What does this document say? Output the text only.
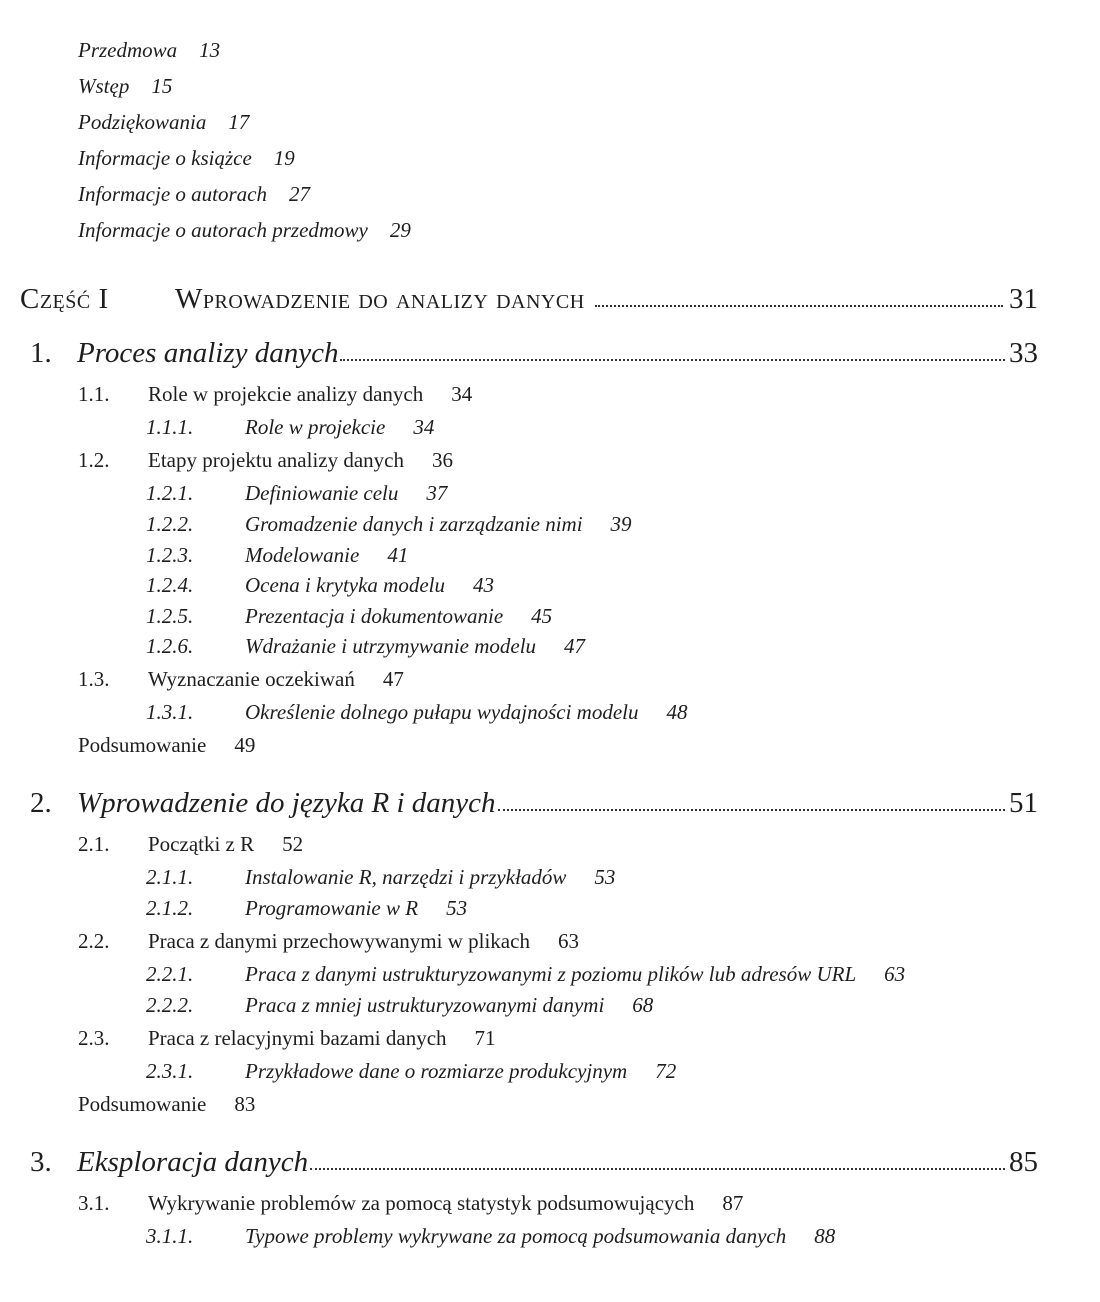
Przedmowa 13
Wstęp 15
Podziękowania 17
Informacje o książce 19
Informacje o autorach 27
Informacje o autorach przedmowy 29
Część I	Wprowadzenie do analizy danych	31
1. Proces analizy danych	33
1.1. Role w projekcie analizy danych 34
1.1.1. Role w projekcie 34
1.2. Etapy projektu analizy danych 36
1.2.1. Definiowanie celu 37
1.2.2. Gromadzenie danych i zarządzanie nimi 39
1.2.3. Modelowanie 41
1.2.4. Ocena i krytyka modelu 43
1.2.5. Prezentacja i dokumentowanie 45
1.2.6. Wdrażanie i utrzymywanie modelu 47
1.3. Wyznaczanie oczekiwań 47
1.3.1. Określenie dolnego pułapu wydajności modelu 48
Podsumowanie 49
2. Wprowadzenie do języka R i danych	51
2.1. Początki z R 52
2.1.1. Instalowanie R, narzędzi i przykładów 53
2.1.2. Programowanie w R 53
2.2. Praca z danymi przechowywanymi w plikach 63
2.2.1. Praca z danymi ustrukturyzowanymi z poziomu plików lub adresów URL 63
2.2.2. Praca z mniej ustrukturyzowanymi danymi 68
2.3. Praca z relacyjnymi bazami danych 71
2.3.1. Przykładowe dane o rozmiarze produkcyjnym 72
Podsumowanie 83
3. Eksploracja danych	85
3.1. Wykrywanie problemów za pomocą statystyk podsumowujących 87
3.1.1. Typowe problemy wykrywane za pomocą podsumowania danych 88
